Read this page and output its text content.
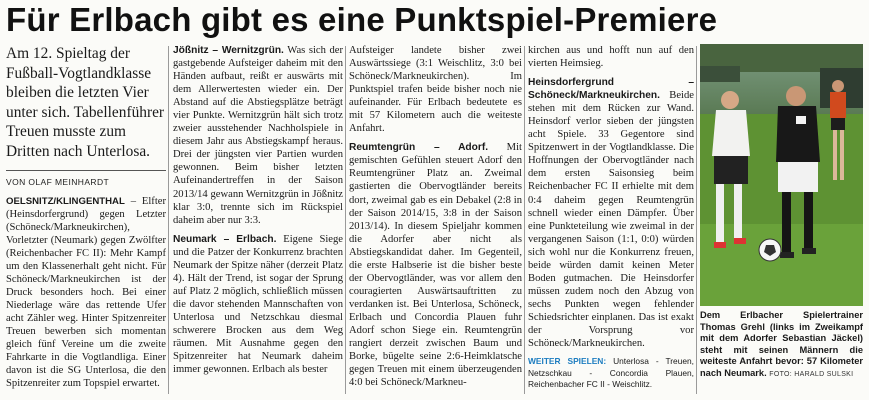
Für Erlbach gibt es eine Punktspiel-Premiere

Am 12. Spieltag der Fußball-Vogtlandklasse bleiben die letzten Vier unter sich. Tabellenführer Treuen musste zum Dritten nach Unterlosa.

VON OLAF MEINHARDT

OELSNITZ/KLINGENTHAL – Elfter (Heinsdorfergrund) gegen Letzter (Schöneck/Markneukirchen), Vorletzter (Neumark) gegen Zwölfter (Reichenbacher FC II): Mehr Kampf um den Klassenerhalt geht nicht. Für Schöneck/Markneukirchen ist der Druck besonders hoch. Bei einer Niederlage wäre das rettende Ufer acht Zähler weg. Hinter Spitzenreiter Treuen bewerben sich momentan gleich fünf Vereine um die zweite Fahrkarte in die Vogtlandliga. Einer davon ist die SG Unterlosa, die den Spitzenreiter zum Topspiel erwartet.

Jößnitz – Wernitzgrün. Was sich der gastgebende Aufsteiger daheim mit den Händen aufbaut, reißt er auswärts mit dem Allerwertesten wieder ein. Der Abstand auf die Abstiegsplätze beträgt vier Punkte. Wernitzgrün hält sich trotz zweier ausstehender Nachholspiele in diesem Jahr aus Abstiegskampf heraus. Drei der jüngsten vier Partien wurden gewonnen. Beim bisher letzten Aufeinandertreffen in der Saison 2013/14 gewann Wernitzgrün in Jößnitz klar 3:0, trennte sich im Rückspiel daheim aber nur 3:3.

Neumark – Erlbach. Eigene Siege und die Patzer der Konkurrenz brachten Neumark der Spitze näher (derzeit Platz 4). Hält der Trend, ist sogar der Sprung auf Platz 2 möglich, schließlich müssen die davor stehenden Mannschaften von Unterlosa und Netzschkau diesmal schwerere Brocken aus dem Weg räumen. Mit Ausnahme gegen den Spitzenreiter hat Neumark daheim immer gewonnen. Erlbach als bester

Aufsteiger landete bisher zwei Auswärtssiege (3:1 Weischlitz, 3:0 bei Schöneck/Markneukirchen). Im Punktspiel trafen beide bisher noch nie aufeinander. Für Erlbach bedeutete es mit 57 Kilometern auch die weiteste Anfahrt.

Reumtengrün – Adorf. Mit gemischten Gefühlen steuert Adorf den Reumtengrüner Platz an. Zweimal gastierten die Obervogtländer bereits dort, zweimal gab es ein Debakel (2:8 in der Saison 2014/15, 3:8 in der Saison 2013/14). In diesem Spieljahr kommen die Adorfer aber nicht als Abstiegskandidat daher. Im Gegenteil, die erste Halbserie ist die bisher beste der Obervogtländer, was vor allem den couragierten Auswärtsauftritten zu verdanken ist. Bei Unterlosa, Schöneck, Erlbach und Concordia Plauen fuhr Adorf schon Siege ein. Reumtengrün rangiert derzeit zwischen Baum und Borke, bügelte seine 2:6-Heimklatsche gegen Treuen mit einem überzeugenden 4:0 bei Schöneck/Markneu-

kirchen aus und hofft nun auf den vierten Heimsieg.

Heinsdorfergrund – Schöneck/Markneukirchen. Beide stehen mit dem Rücken zur Wand. Heinsdorf verlor sieben der jüngsten acht Spiele. 33 Gegentore sind Spitzenwert in der Vogtlandklasse. Die Hoffnungen der Obervogtländer nach dem ersten Saisonsieg beim Reichenbacher FC II erhielte mit dem 0:4 daheim gegen Reumtengrün schnell wieder einen Dämpfer. Über eine Punkteteilung wie zweimal in der vergangenen Saison (1:1, 0:0) würden sich wohl nur die Konkurrenz freuen, beide würden damit keinen Meter Boden gutmachen. Die Heinsdorfer müssen zudem noch den Abzug von sechs Punkten wegen fehlender Schiedsrichter einplanen. Das ist exakt der Vorsprung vor Schöneck/Markneukirchen.

WEITER SPIELEN: Unterlosa - Treuen, Netzschkau - Concordia Plauen, Reichenbacher FC II - Weischlitz.
Dem Erlbacher Spielertrainer Thomas Grehl (links im Zweikampf mit dem Adorfer Sebastian Jäckel) steht mit seinen Männern die weiteste Anfahrt bevor: 57 Kilometer nach Neumark. FOTO: HARALD SULSKI
